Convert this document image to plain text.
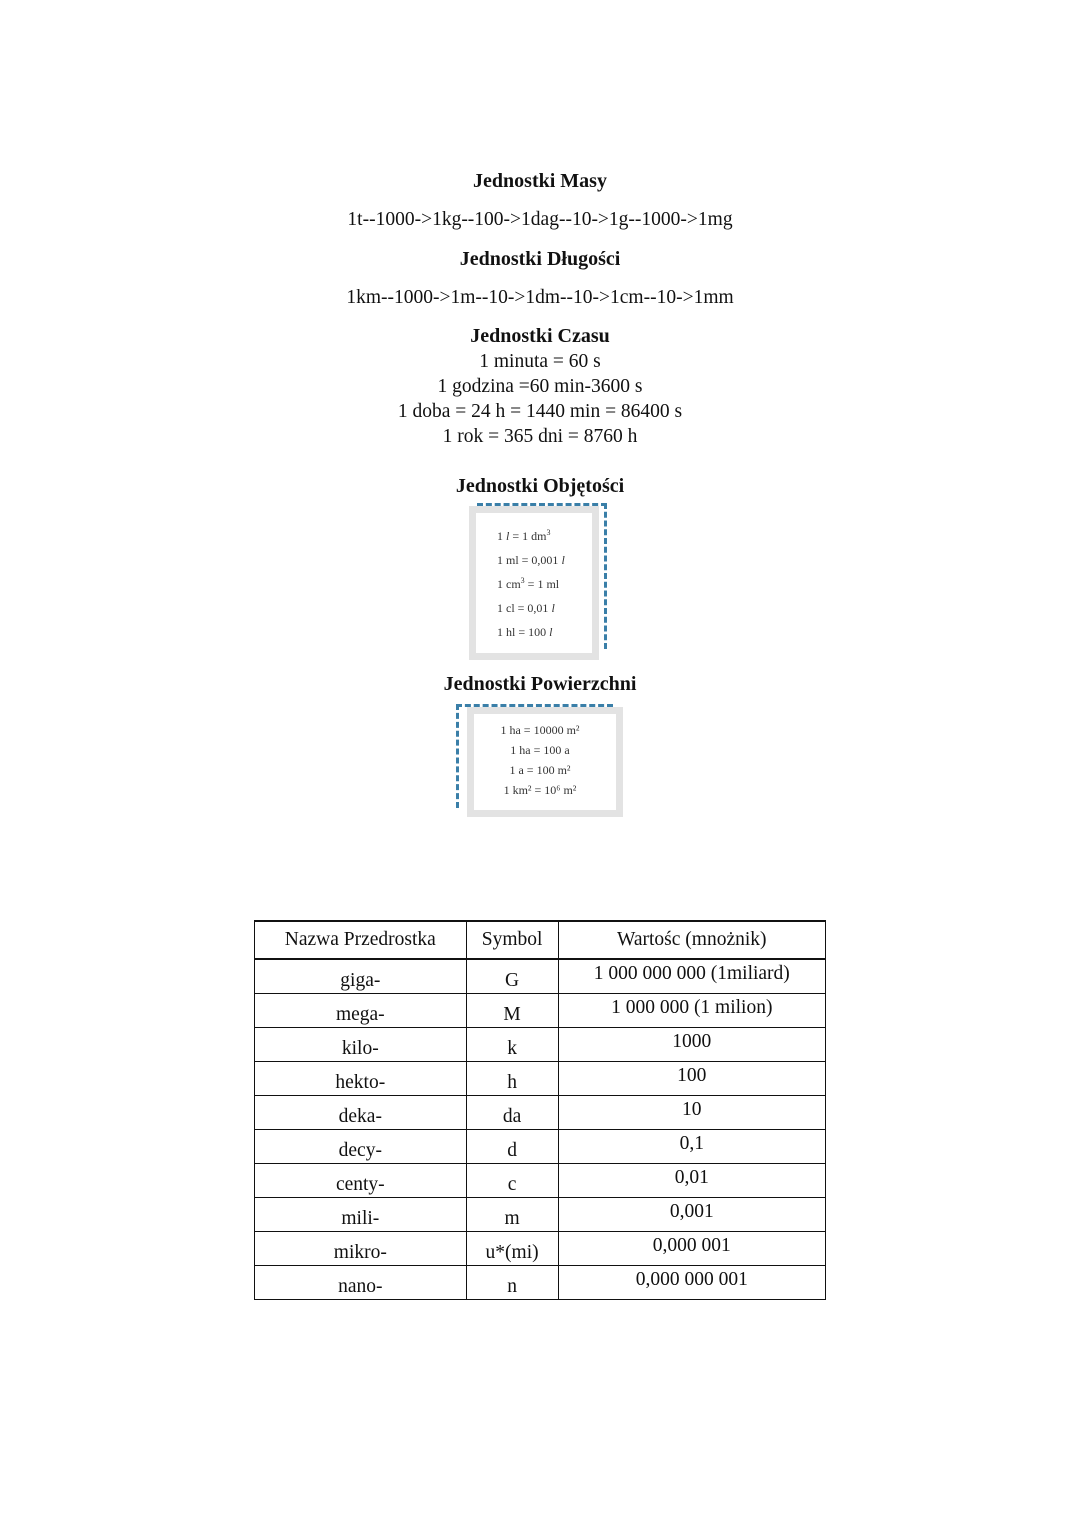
Jednostki Masy
1t--1000->1kg--100->1dag--10->1g--1000->1mg
Jednostki Długości
1km--1000->1m--10->1dm--10->1cm--10->1mm
Jednostki Czasu
1 minuta = 60 s
1 godzina =60 min-3600 s
1 doba = 24 h = 1440 min = 86400 s
1 rok = 365 dni = 8760 h
Jednostki Objętości
1 l = 1 $dm^3$
1 ml = 0,001 l
1 $cm^3 = 1$ ml
1 cl = 0,01 l
1 hl = 100 l
Jednostki Powierzchni
1 ha = 10000 m²
1 ha = 100 a
1 a = 100 m²
1 km² = 10⁶ m²
Nazwa Przedrostka	Symbol	Wartośc (mnożnik)

giga-	G	1 000 000 000 (1miliard)

mega-	M	1 000 000 (1 milion)

kilo-	k	1000

hekto-	h	100

deka-	da	10

decy-	d	0,1

centy-	c	0,01

mili-	m	0,001

mikro-	u*(mi)	0,000 001

nano-	n	0,000 000 001
